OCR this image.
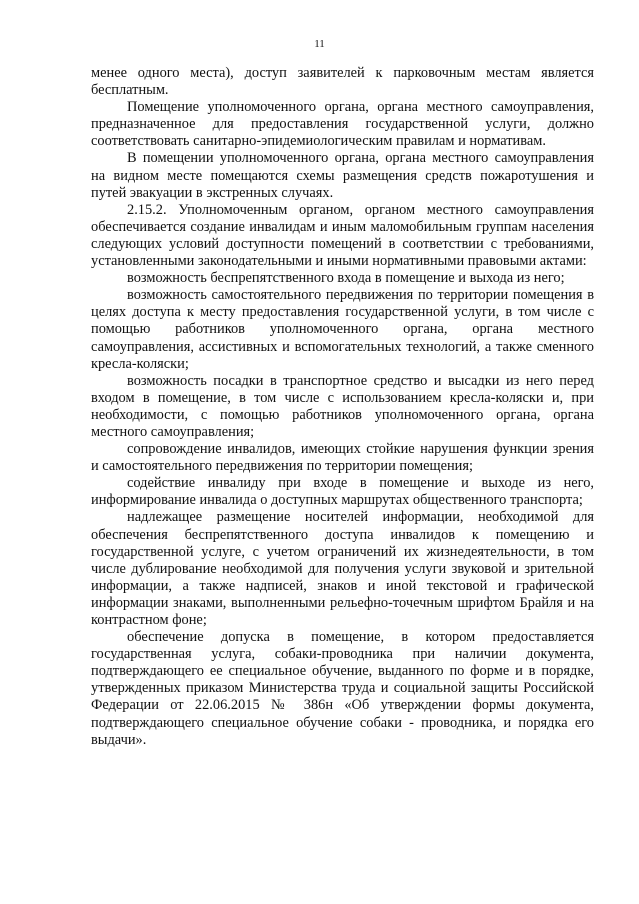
11

менее одного места), доступ заявителей к парковочным местам является бесплатным.

Помещение уполномоченного органа, органа местного самоуправления, предназначенное для предоставления государственной услуги, должно соответствовать санитарно-эпидемиологическим правилам и нормативам.

В помещении уполномоченного органа, органа местного самоуправления на видном месте помещаются схемы размещения средств пожаротушения и путей эвакуации в экстренных случаях.

2.15.2. Уполномоченным органом, органом местного самоуправления обеспечивается создание инвалидам и иным маломобильным группам населения следующих условий доступности помещений в соответствии с требованиями, установленными законодательными и иными нормативными правовыми актами:

возможность беспрепятственного входа в помещение и выхода из него;

возможность самостоятельного передвижения по территории помещения в целях доступа к месту предоставления государственной услуги, в том числе с помощью работников уполномоченного органа, органа местного самоуправления, ассистивных и вспомогательных технологий, а также сменного кресла-коляски;

возможность посадки в транспортное средство и высадки из него перед входом в помещение, в том числе с использованием кресла-коляски и, при необходимости, с помощью работников уполномоченного органа, органа местного самоуправления;

сопровождение инвалидов, имеющих стойкие нарушения функции зрения и самостоятельного передвижения по территории помещения;

содействие инвалиду при входе в помещение и выходе из него, информирование инвалида о доступных маршрутах общественного транспорта;

надлежащее размещение носителей информации, необходимой для обеспечения беспрепятственного доступа инвалидов к помещению и государственной услуге, с учетом ограничений их жизнедеятельности, в том числе дублирование необходимой для получения услуги звуковой и зрительной информации, а также надписей, знаков и иной текстовой и графической информации знаками, выполненными рельефно-точечным шрифтом Брайля и на контрастном фоне;

обеспечение допуска в помещение, в котором предоставляется государственная услуга, собаки-проводника при наличии документа, подтверждающего ее специальное обучение, выданного по форме и в порядке, утвержденных приказом Министерства труда и социальной защиты Российской Федерации от 22.06.2015 № 386н «Об утверждении формы документа, подтверждающего специальное обучение собаки - проводника, и порядка его выдачи».
